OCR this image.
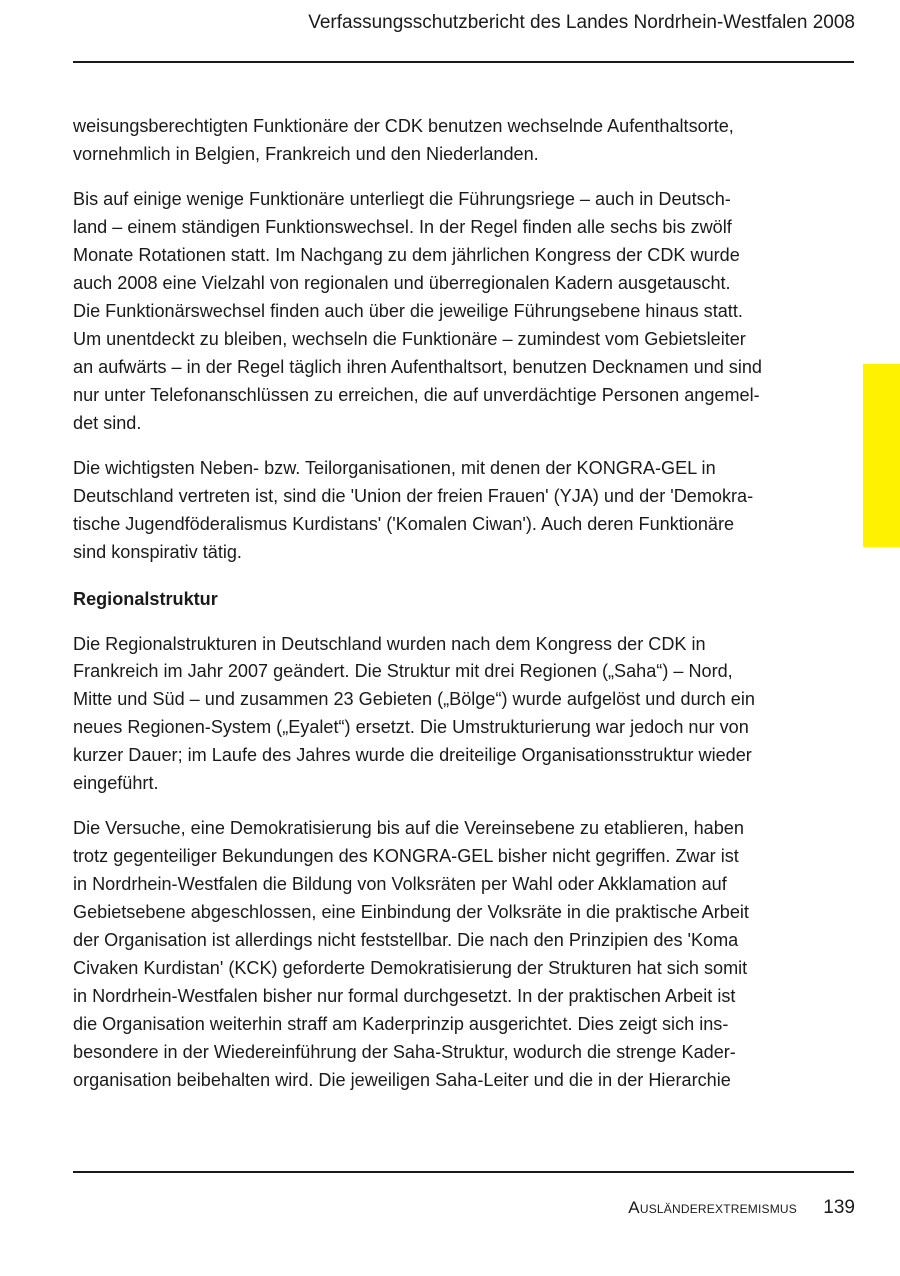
Verfassungsschutzbericht des Landes Nordrhein-Westfalen 2008

weisungsberechtigten Funktionäre der CDK benutzen wechselnde Aufenthaltsorte,
vornehmlich in Belgien, Frankreich und den Niederlanden.

Bis auf einige wenige Funktionäre unterliegt die Führungsriege – auch in Deutsch-
land – einem ständigen Funktionswechsel. In der Regel finden alle sechs bis zwölf
Monate Rotationen statt. Im Nachgang zu dem jährlichen Kongress der CDK wurde
auch 2008 eine Vielzahl von regionalen und überregionalen Kadern ausgetauscht.
Die Funktionärswechsel finden auch über die jeweilige Führungsebene hinaus statt.
Um unentdeckt zu bleiben, wechseln die Funktionäre – zumindest vom Gebietsleiter
an aufwärts – in der Regel täglich ihren Aufenthaltsort, benutzen Decknamen und sind
nur unter Telefonanschlüssen zu erreichen, die auf unverdächtige Personen angemel-
det sind.

Die wichtigsten Neben- bzw. Teilorganisationen, mit denen der KONGRA-GEL in
Deutschland vertreten ist, sind die 'Union der freien Frauen' (YJA) und der 'Demokra-
tische Jugendföderalismus Kurdistans' ('Komalen Ciwan'). Auch deren Funktionäre
sind konspirativ tätig.

Regionalstruktur

Die Regionalstrukturen in Deutschland wurden nach dem Kongress der CDK in
Frankreich im Jahr 2007 geändert. Die Struktur mit drei Regionen („Saha“) – Nord,
Mitte und Süd – und zusammen 23 Gebieten („Bölge“) wurde aufgelöst und durch ein
neues Regionen-System („Eyalet“) ersetzt. Die Umstrukturierung war jedoch nur von
kurzer Dauer; im Laufe des Jahres wurde die dreiteilige Organisationsstruktur wieder
eingeführt.

Die Versuche, eine Demokratisierung bis auf die Vereinsebene zu etablieren, haben
trotz gegenteiliger Bekundungen des KONGRA-GEL bisher nicht gegriffen. Zwar ist
in Nordrhein-Westfalen die Bildung von Volksräten per Wahl oder Akklamation auf
Gebietsebene abgeschlossen, eine Einbindung der Volksräte in die praktische Arbeit
der Organisation ist allerdings nicht feststellbar. Die nach den Prinzipien des 'Koma
Civaken Kurdistan' (KCK) geforderte Demokratisierung der Strukturen hat sich somit
in Nordrhein-Westfalen bisher nur formal durchgesetzt. In der praktischen Arbeit ist
die Organisation weiterhin straff am Kaderprinzip ausgerichtet. Dies zeigt sich ins-
besondere in der Wiedereinführung der Saha-Struktur, wodurch die strenge Kader-
organisation beibehalten wird. Die jeweiligen Saha-Leiter und die in der Hierarchie

Ausländerextremismus 139
